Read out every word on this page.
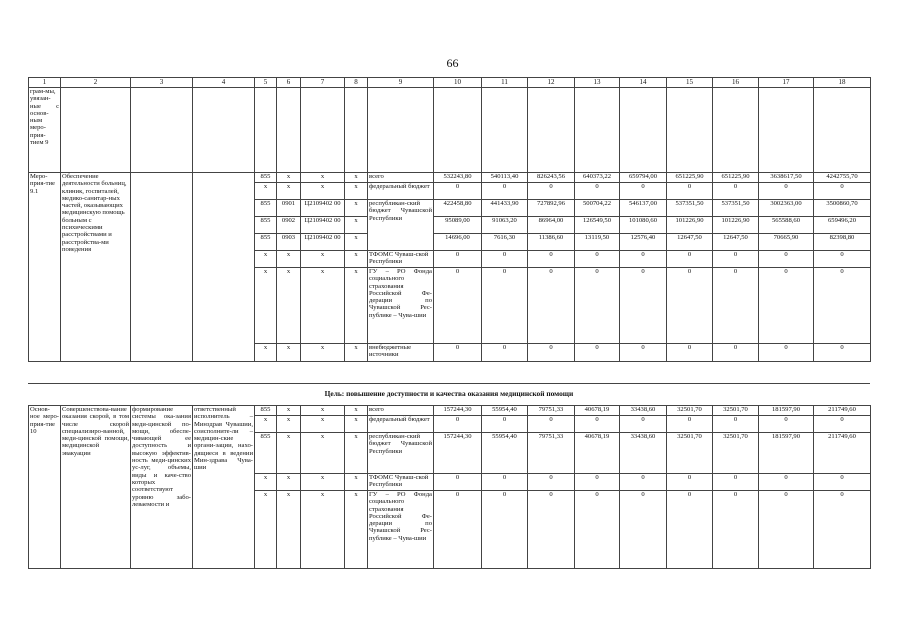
66
1	2	3	4	5	6	7	8	9	10	11	12	13	14	15	16	17	18
грам-мы, увязан-ные с основ-ным меро-прия-тием 9																	
Меро-прия-тие 9.1	Обеспечение деятельности больниц, клиник, госпиталей, медико-санитар-ных частей, оказывающих медицинскую помощь больным с психическими расстройствами и расстройства-ми поведения			855	х	х	х	всего	532243,80	540113,40	826243,56	640373,22	659794,00	651225,90	651225,90	3638617,50	4242755,70
				х	х	х	х	федеральный бюджет	0	0	0	0	0	0	0	0	0
				855	0901	Ц2109402 00	х	республикан-ский бюджет Чувашской Республики	422458,80	441433,90	727892,96	500704,22	546137,00	537351,50	537351,50	3002363,00	3500860,70
				855	0902	Ц2109402 00	х		95089,00	91063,20	86964,00	126549,50	101080,60	101226,90	101226,90	565588,60	659496,20
				855	0903	Ц2109402 00	х		14696,00	7616,30	11386,60	13119,50	12576,40	12647,50	12647,50	70665,90	82398,80
				х	х	х	х	ТФОМС Чуваш-ской Республики	0	0	0	0	0	0	0	0	0
				х	х	х	х	ГУ – РО Фонда социального страхования Российской Фе-дерации по Чувашской Рес-публике – Чува-шии	0	0	0	0	0	0	0	0	0
				х	х	х	х	внебюджетные источники	0	0	0	0	0	0	0	0	0
Цель: повышение доступности и качества оказания медицинской помощи
Основ-ное меро-прия-тие 10	Совершенствова-вание оказания скорой, в том числе скорой специализиро-ванной, меди-цинской помощи, медицинской эвакуации	формирование системы ока-зания меди-цинской по-мощи, обеспе-чивающей ее доступность и высокую эффектив-ность меди-цинских ус-луг, объемы, виды и каче-ство которых соответствуют уровню забо-леваемости и	ответственный исполнитель – Минздрав Чувашии, соисполните-ли – медицин-ские органи-зации, нахо-дящиеся в ведении Мин-здрава Чува-шии	855	х	х	х	всего	157244,30	55954,40	79751,33	40678,19	33438,60	32501,70	32501,70	181597,90	211749,60
				х	х	х	х	федеральный бюджет	0	0	0	0	0	0	0	0	0
				855	х	х	х	республикан-ский бюджет Чувашской Республики	157244,30	55954,40	79751,33	40678,19	33438,60	32501,70	32501,70	181597,90	211749,60
				х	х	х	х	ТФОМС Чуваш-ской Республики	0	0	0	0	0	0	0	0	0
				х	х	х	х	ГУ – РО Фонда социального страхования Российской Фе-дерации по Чувашской Рес-публике – Чува-шии	0	0	0	0	0	0	0	0	0
